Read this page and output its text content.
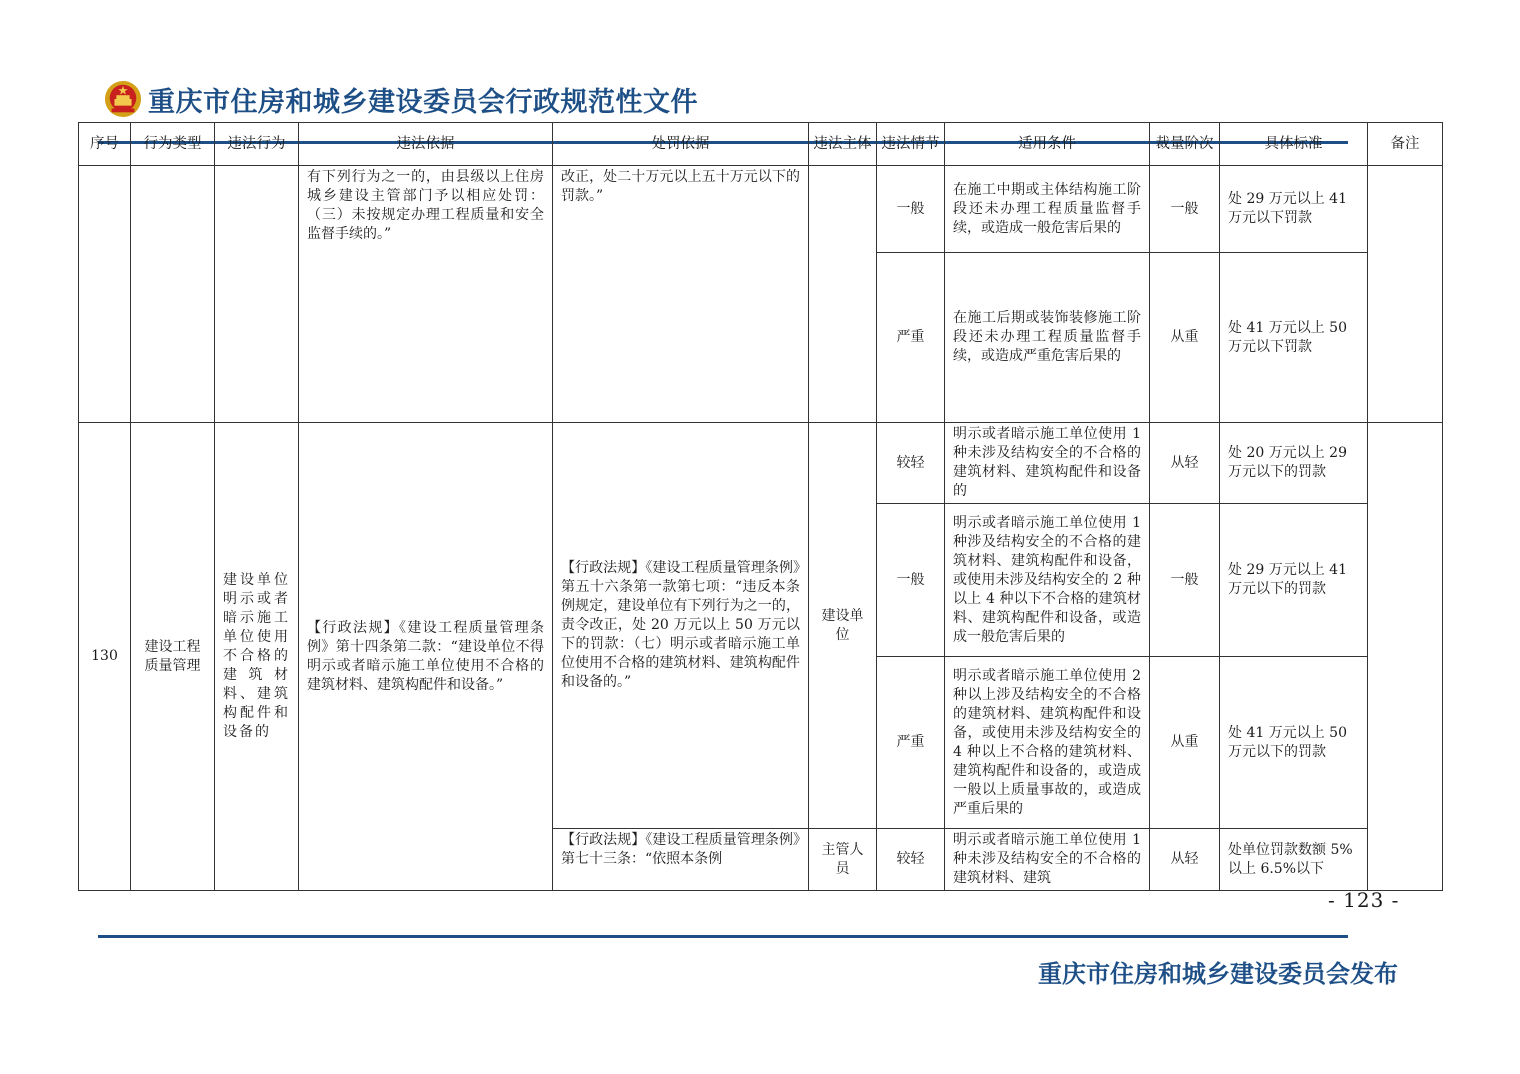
重庆市住房和城乡建设委员会行政规范性文件
序号	行为类型	违法行为	违法依据	处罚依据	违法主体	违法情节	适用条件	裁量阶次	具体标准	备注
			有下列行为之一的，由县级以上住房城乡建设主管部门予以相应处罚：（三）未按规定办理工程质量和安全监督手续的。”	改正，处二十万元以上五十万元以下的罚款。”		一般	在施工中期或主体结构施工阶段还未办理工程质量监督手续，或造成一般危害后果的	一般	处 29 万元以上 41 万元以下罚款	
						严重	在施工后期或装饰装修施工阶段还未办理工程质量监督手续，或造成严重危害后果的	从重	处 41 万元以上 50 万元以下罚款	
130	建设工程质量管理	建设单位明示或者暗示施工单位使用不合格的建筑材料、建筑构配件和设备的	【行政法规】《建设工程质量管理条例》第十四条第二款：“建设单位不得明示或者暗示施工单位使用不合格的建筑材料、建筑构配件和设备。”	【行政法规】《建设工程质量管理条例》第五十六条第一款第七项：“违反本条例规定，建设单位有下列行为之一的，责令改正，处 20 万元以上 50 万元以下的罚款：（七）明示或者暗示施工单位使用不合格的建筑材料、建筑构配件和设备的。”	建设单位	较轻	明示或者暗示施工单位使用 1 种未涉及结构安全的不合格的建筑材料、建筑构配件和设备的	从轻	处 20 万元以上 29 万元以下的罚款	
						一般	明示或者暗示施工单位使用 1 种涉及结构安全的不合格的建筑材料、建筑构配件和设备，或使用未涉及结构安全的 2 种以上 4 种以下不合格的建筑材料、建筑构配件和设备，或造成一般危害后果的	一般	处 29 万元以上 41 万元以下的罚款	
						严重	明示或者暗示施工单位使用 2 种以上涉及结构安全的不合格的建筑材料、建筑构配件和设备，或使用未涉及结构安全的 4 种以上不合格的建筑材料、建筑构配件和设备的，或造成一般以上质量事故的，或造成严重后果的	从重	处 41 万元以上 50 万元以下的罚款	
				【行政法规】《建设工程质量管理条例》第七十三条：“依照本条例	主管人员	较轻	明示或者暗示施工单位使用 1 种未涉及结构安全的不合格的建筑材料、建筑	从轻	处单位罚款数额 5%以上 6.5%以下	
- 123 -
重庆市住房和城乡建设委员会发布
